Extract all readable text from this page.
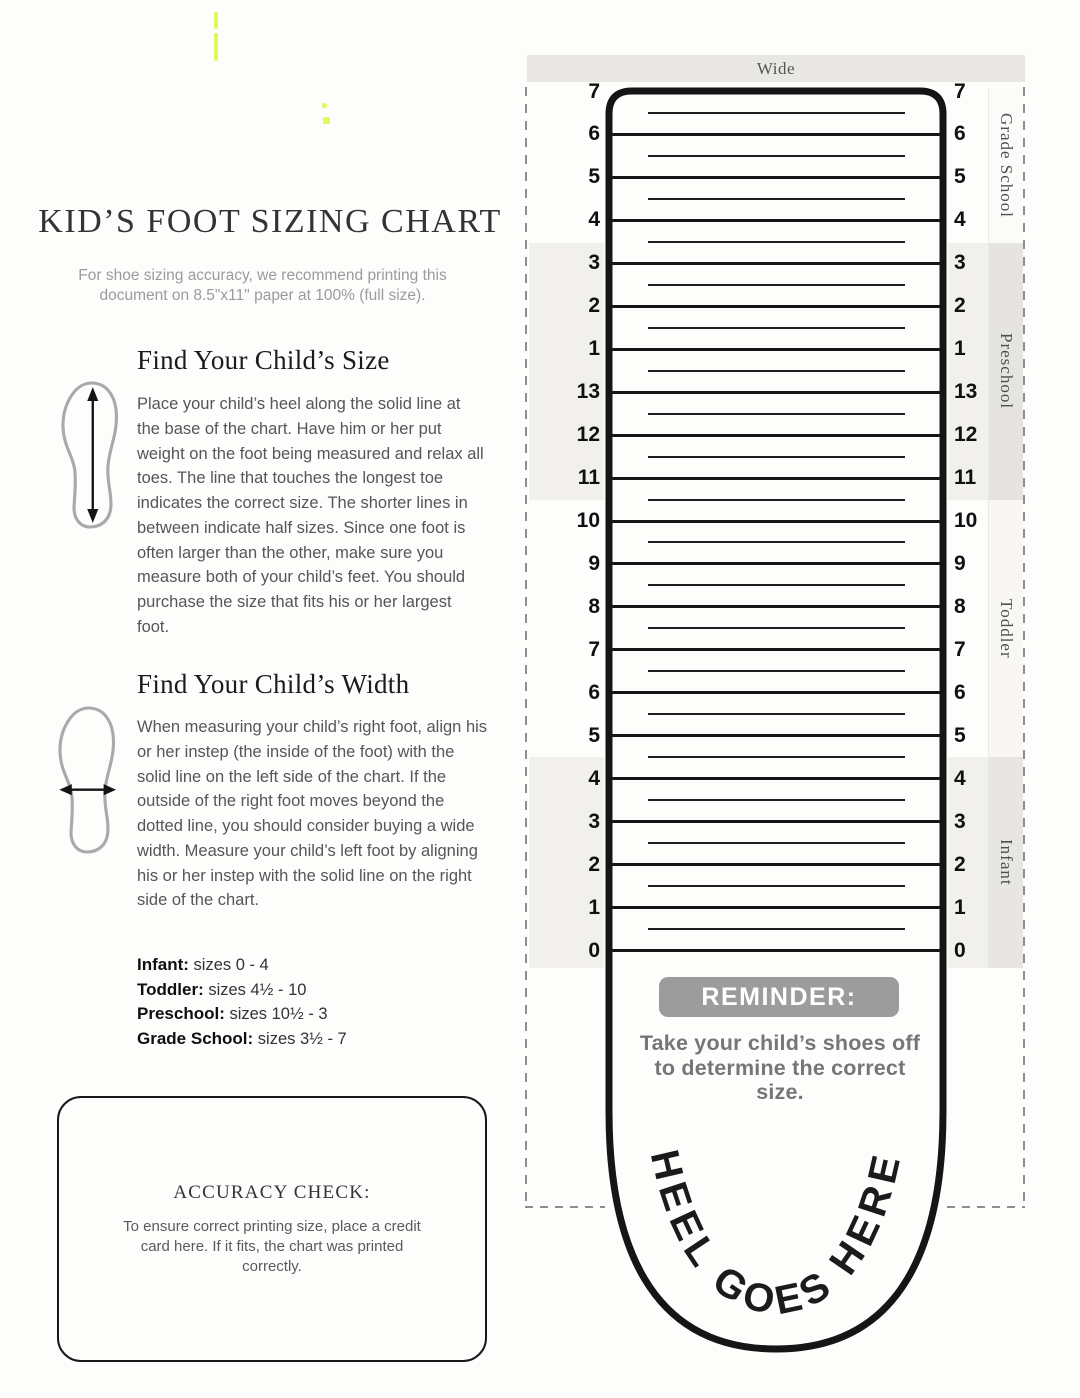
KID’S FOOT SIZING CHART
For shoe sizing accuracy, we recommend printing this document on 8.5"x11" paper at 100% (full size).
Find Your Child’s Size
Place your child’s heel along the solid line at the base of the chart. Have him or her put weight on the foot being measured and relax all toes. The line that touches the longest toe indicates the correct size. The shorter lines in between indicate half sizes. Since one foot is often larger than the other, make sure you measure both of your child’s feet. You should purchase the size that fits his or her largest foot.
Find Your Child’s Width
When measuring your child’s right foot, align his or her instep (the inside of the foot) with the solid line on the left side of the chart. If the outside of the right foot moves beyond the dotted line, you should consider buying a wide width. Measure your child’s left foot by aligning his or her instep with the solid line on the right side of the chart.
Infant: sizes 0 - 4
Toddler: sizes 4½ - 10
Preschool: sizes 10½ - 3
Grade School: sizes 3½ - 7
ACCURACY CHECK:
To ensure correct printing size, place a credit card here. If it fits, the chart was printed correctly.
Wide
Grade School
Preschool
Toddler
Infant
HEEL GOES HERE
7	7
6	6
5	5
4	4
3	3
2	2
1	1
13	13
12	12
11	11
10	10
9	9
8	8
7	7
6	6
5	5
4	4
3	3
2	2
1	1
0	0
REMINDER:
Take your child’s shoes off to determine the correct size.
